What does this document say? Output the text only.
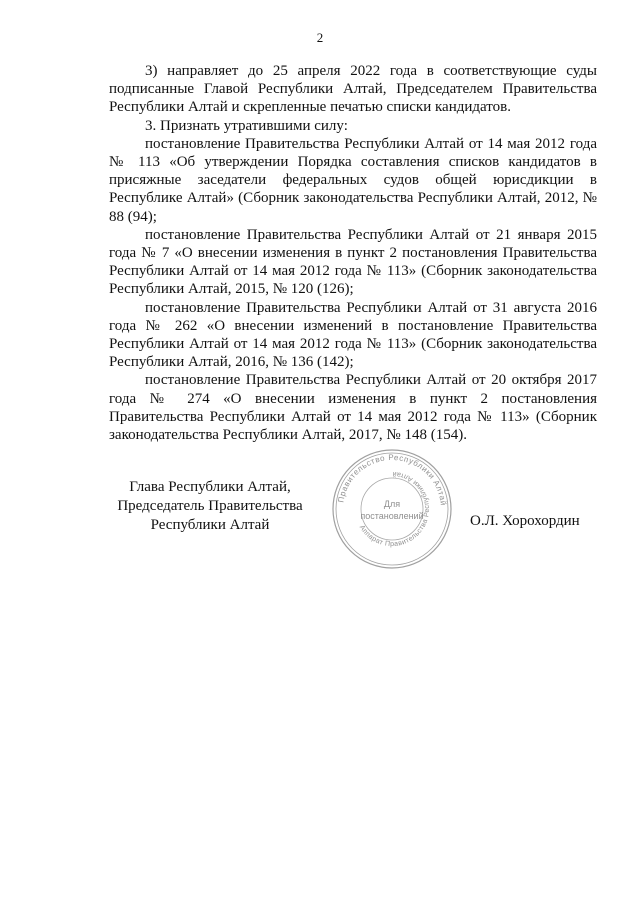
2

3) направляет до 25 апреля 2022 года в соответствующие суды подписанные Главой Республики Алтай, Председателем Правительства Республики Алтай и скрепленные печатью списки кандидатов.

3. Признать утратившими силу:

постановление Правительства Республики Алтай от 14 мая 2012 года № 113 «Об утверждении Порядка составления списков кандидатов в присяжные заседатели федеральных судов общей юрисдикции в Республике Алтай» (Сборник законодательства Республики Алтай, 2012, № 88 (94);

постановление Правительства Республики Алтай от 21 января 2015 года № 7 «О внесении изменения в пункт 2 постановления Правительства Республики Алтай от 14 мая 2012 года № 113» (Сборник законодательства Республики Алтай, 2015, № 120 (126);

постановление Правительства Республики Алтай от 31 августа 2016 года № 262 «О внесении изменений в постановление Правительства Республики Алтай от 14 мая 2012 года № 113» (Сборник законодательства Республики Алтай, 2016, № 136 (142);

постановление Правительства Республики Алтай от 20 октября 2017 года № 274 «О внесении изменения в пункт 2 постановления Правительства Республики Алтай от 14 мая 2012 года № 113» (Сборник законодательства Республики Алтай, 2017, № 148 (154).

Глава Республики Алтай,
Председатель Правительства
Республики Алтай	О.Л. Хорохордин
Правительство Республики Алтай
Аппарат Правительства Республики Алтай
Для
постановлений
